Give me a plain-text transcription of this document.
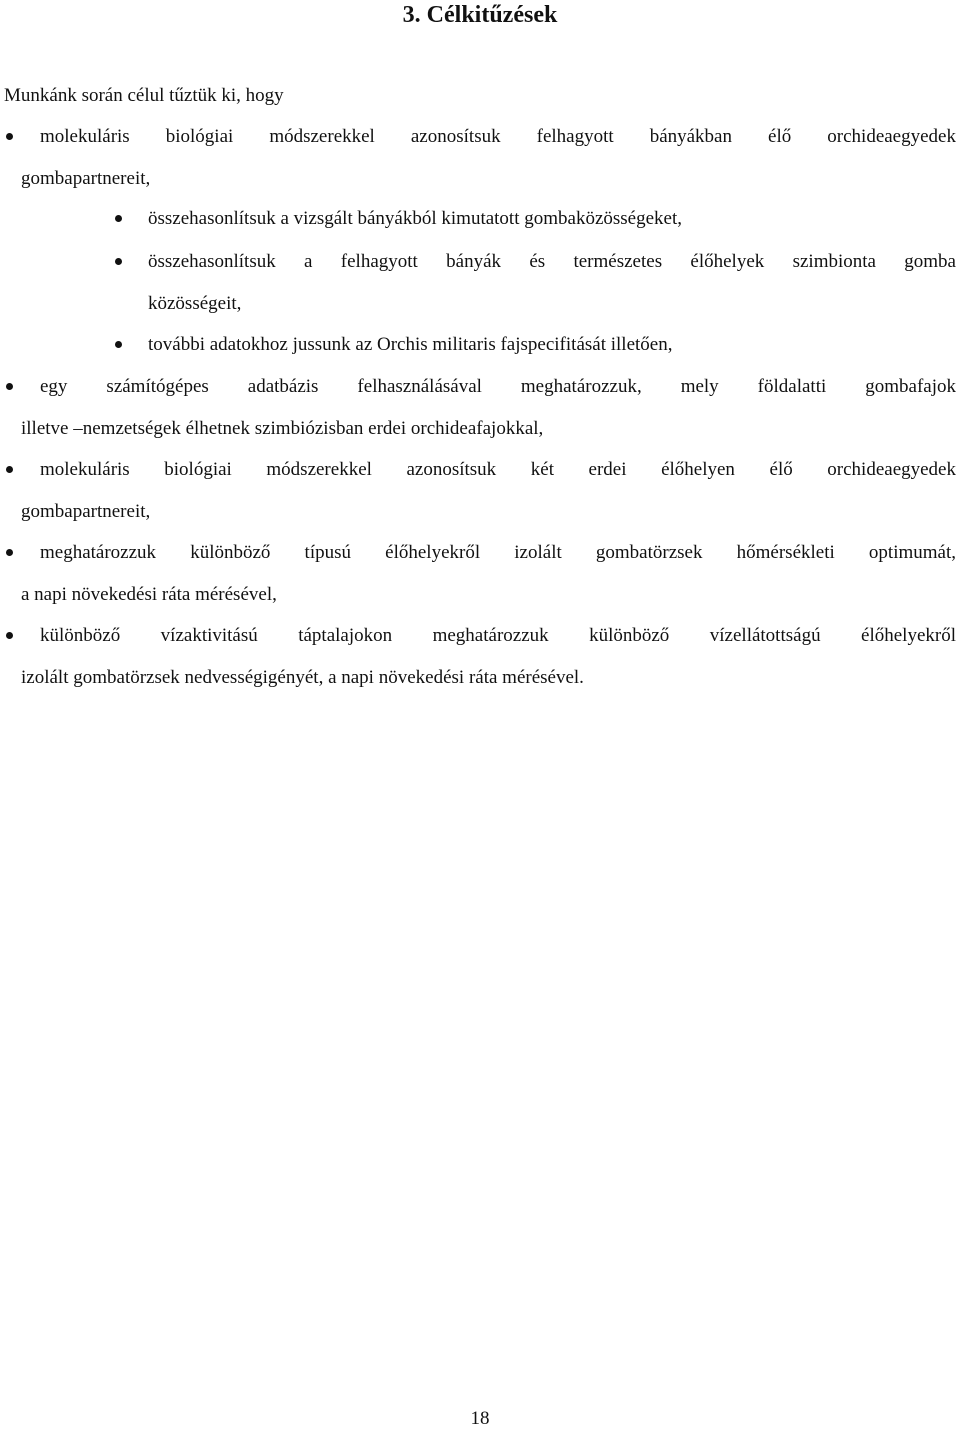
3. Célkitűzések
Munkánk során célul tűztük ki, hogy
molekuláris biológiai módszerekkel azonosítsuk felhagyott bányákban élő orchideaegyedek
gombapartnereit,
összehasonlítsuk a vizsgált bányákból kimutatott gombaközösségeket,
összehasonlítsuk a felhagyott bányák és természetes élőhelyek szimbionta gomba
közösségeit,
további adatokhoz jussunk az Orchis militaris fajspecifitását illetően,
egy számítógépes adatbázis felhasználásával meghatározzuk, mely földalatti gombafajok
illetve –nemzetségek élhetnek szimbiózisban erdei orchideafajokkal,
molekuláris biológiai módszerekkel azonosítsuk két erdei élőhelyen élő orchideaegyedek
gombapartnereit,
meghatározzuk különböző típusú élőhelyekről izolált gombatörzsek hőmérsékleti optimumát,
a napi növekedési ráta mérésével,
különböző vízaktivitású táptalajokon meghatározzuk különböző vízellátottságú élőhelyekről
izolált gombatörzsek nedvességigényét, a napi növekedési ráta mérésével.
18
